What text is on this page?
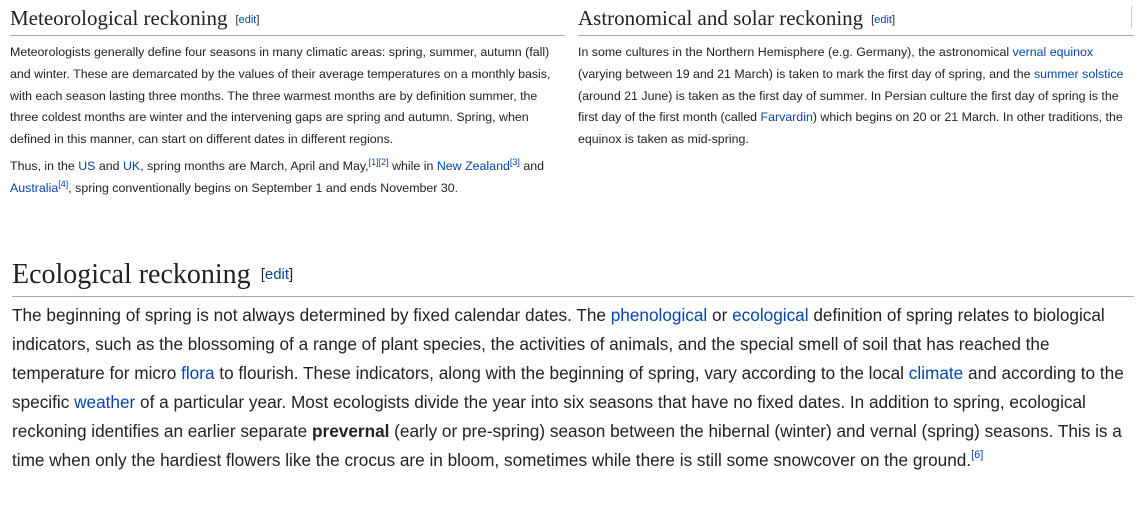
Meteorological reckoning [edit]

Meteorologists generally define four seasons in many climatic areas: spring, summer, autumn (fall) and winter. These are demarcated by the values of their average temperatures on a monthly basis, with each season lasting three months. The three warmest months are by definition summer, the three coldest months are winter and the intervening gaps are spring and autumn. Spring, when defined in this manner, can start on different dates in different regions.

Thus, in the US and UK, spring months are March, April and May,[1][2] while in New Zealand[3] and Australia[4], spring conventionally begins on September 1 and ends November 30.

Astronomical and solar reckoning [edit]

In some cultures in the Northern Hemisphere (e.g. Germany), the astronomical vernal equinox (varying between 19 and 21 March) is taken to mark the first day of spring, and the summer solstice (around 21 June) is taken as the first day of summer. In Persian culture the first day of spring is the first day of the first month (called Farvardin) which begins on 20 or 21 March. In other traditions, the equinox is taken as mid-spring.

Ecological reckoning [edit]

The beginning of spring is not always determined by fixed calendar dates. The phenological or ecological definition of spring relates to biological indicators, such as the blossoming of a range of plant species, the activities of animals, and the special smell of soil that has reached the temperature for micro flora to flourish. These indicators, along with the beginning of spring, vary according to the local climate and according to the specific weather of a particular year. Most ecologists divide the year into six seasons that have no fixed dates. In addition to spring, ecological reckoning identifies an earlier separate prevernal (early or pre-spring) season between the hibernal (winter) and vernal (spring) seasons. This is a time when only the hardiest flowers like the crocus are in bloom, sometimes while there is still some snowcover on the ground.[6]
